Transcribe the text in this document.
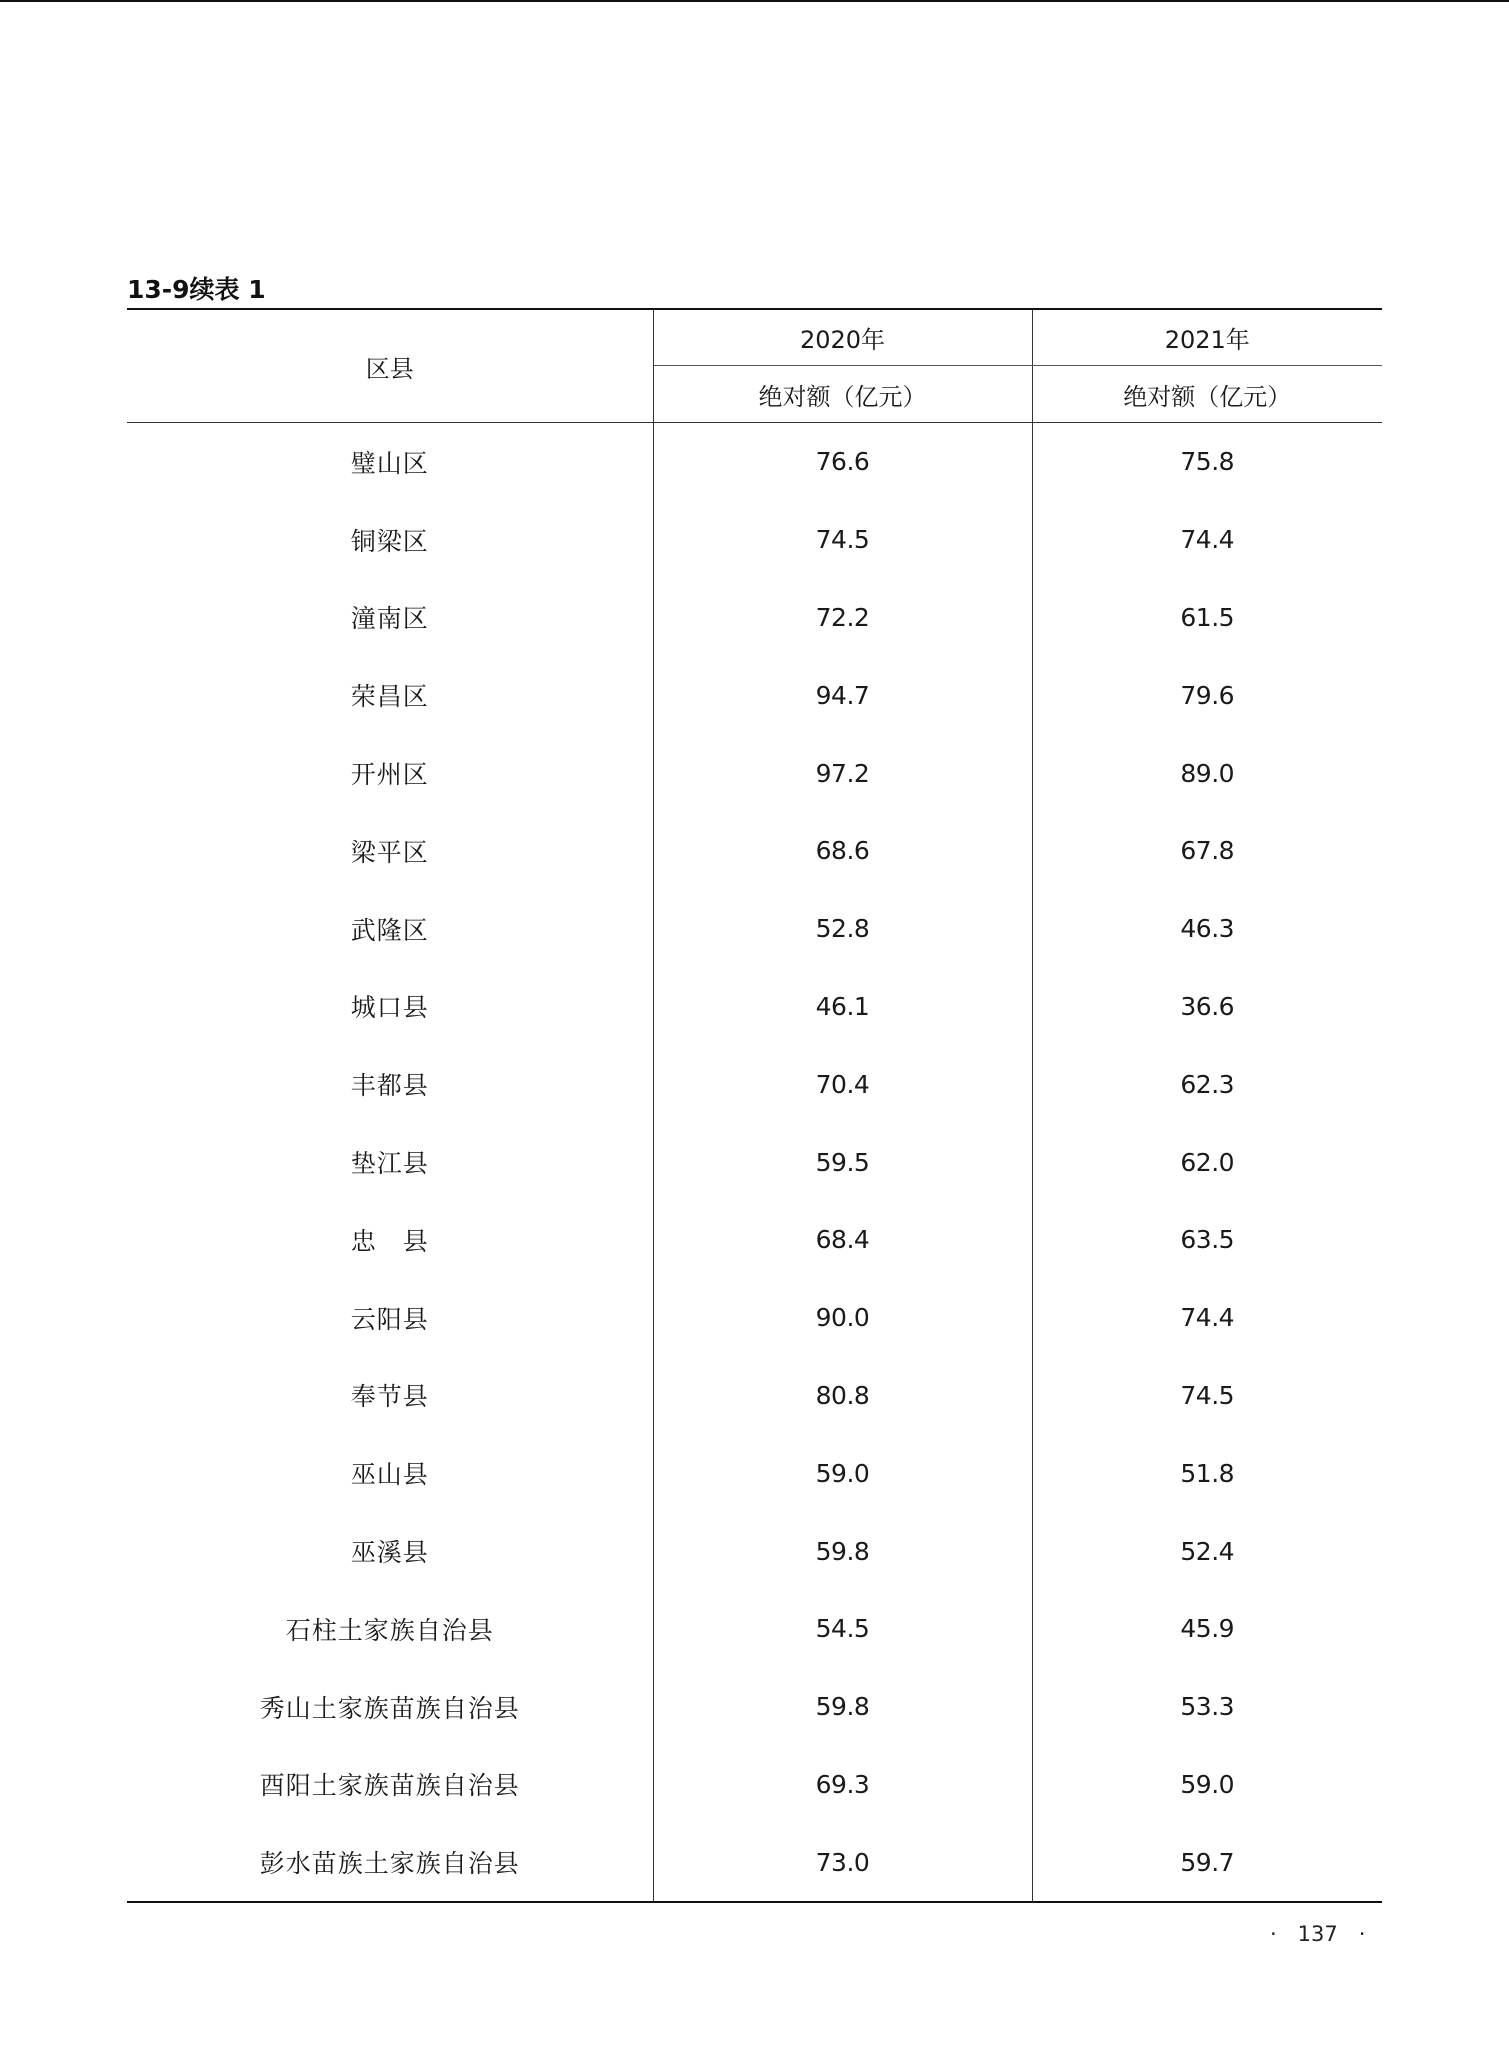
13-9续表 1
区县	2020年	2021年
	绝对额（亿元）	绝对额（亿元）
璧山区	76.6	75.8
铜梁区	74.5	74.4
潼南区	72.2	61.5
荣昌区	94.7	79.6
开州区	97.2	89.0
梁平区	68.6	67.8
武隆区	52.8	46.3
城口县	46.1	36.6
丰都县	70.4	62.3
垫江县	59.5	62.0
忠　县	68.4	63.5
云阳县	90.0	74.4
奉节县	80.8	74.5
巫山县	59.0	51.8
巫溪县	59.8	52.4
石柱土家族自治县	54.5	45.9
秀山土家族苗族自治县	59.8	53.3
酉阳土家族苗族自治县	69.3	59.0
彭水苗族土家族自治县	73.0	59.7
·　137　·
